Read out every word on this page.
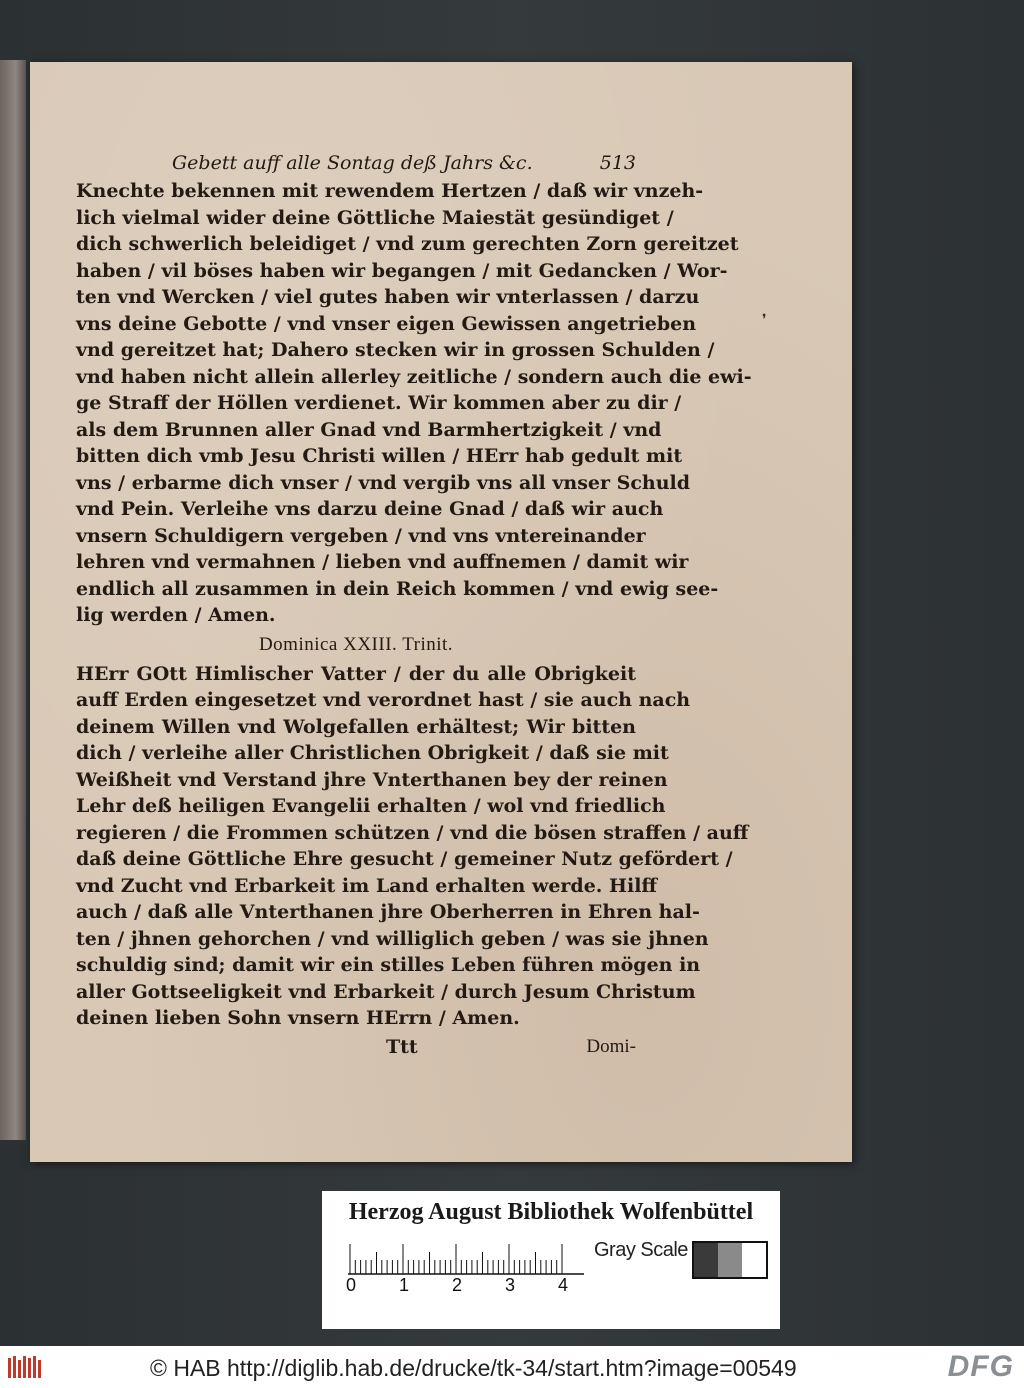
❜
Gebett auff alle Sontag deß Jahrs &c.	513
Knechte bekennen mit rewendem Hertzen / daß wir vnzeh-
lich vielmal wider deine Göttliche Maiestät gesündiget /
dich schwerlich beleidiget / vnd zum gerechten Zorn gereitzet
haben / vil böses haben wir begangen / mit Gedancken / Wor-
ten vnd Wercken / viel gutes haben wir vnterlassen / darzu
vns deine Gebotte / vnd vnser eigen Gewissen angetrieben
vnd gereitzet hat; Dahero stecken wir in grossen Schulden /
vnd haben nicht allein allerley zeitliche / sondern auch die ewi-
ge Straff der Höllen verdienet. Wir kommen aber zu dir /
als dem Brunnen aller Gnad vnd Barmhertzigkeit / vnd
bitten dich vmb Jesu Christi willen / HErr hab gedult mit
vns / erbarme dich vnser / vnd vergib vns all vnser Schuld
vnd Pein. Verleihe vns darzu deine Gnad / daß wir auch
vnsern Schuldigern vergeben / vnd vns vntereinander
lehren vnd vermahnen / lieben vnd auffnemen / damit wir
endlich all zusammen in dein Reich kommen / vnd ewig see-
lig werden / Amen.
Dominica XXIII. Trinit.
HErr GOtt Himlischer Vatter / der du alle Obrigkeit
auff Erden eingesetzet vnd verordnet hast / sie auch nach
deinem Willen vnd Wolgefallen erhältest; Wir bitten
dich / verleihe aller Christlichen Obrigkeit / daß sie mit
Weißheit vnd Verstand jhre Vnterthanen bey der reinen
Lehr deß heiligen Evangelii erhalten / wol vnd friedlich
regieren / die Frommen schützen / vnd die bösen straffen / auff
daß deine Göttliche Ehre gesucht / gemeiner Nutz gefördert /
vnd Zucht vnd Erbarkeit im Land erhalten werde. Hilff
auch / daß alle Vnterthanen jhre Oberherren in Ehren hal-
ten / jhnen gehorchen / vnd williglich geben / was sie jhnen
schuldig sind; damit wir ein stilles Leben führen mögen in
aller Gottseeligkeit vnd Erbarkeit / durch Jesum Christum
deinen lieben Sohn vnsern HErrn / Amen.
Ttt	Domi-
Herzog August Bibliothek Wolfenbüttel
0 1 2 3 4
Gray Scale
© HAB http://diglib.hab.de/drucke/tk-34/start.htm?image=00549	DFG
